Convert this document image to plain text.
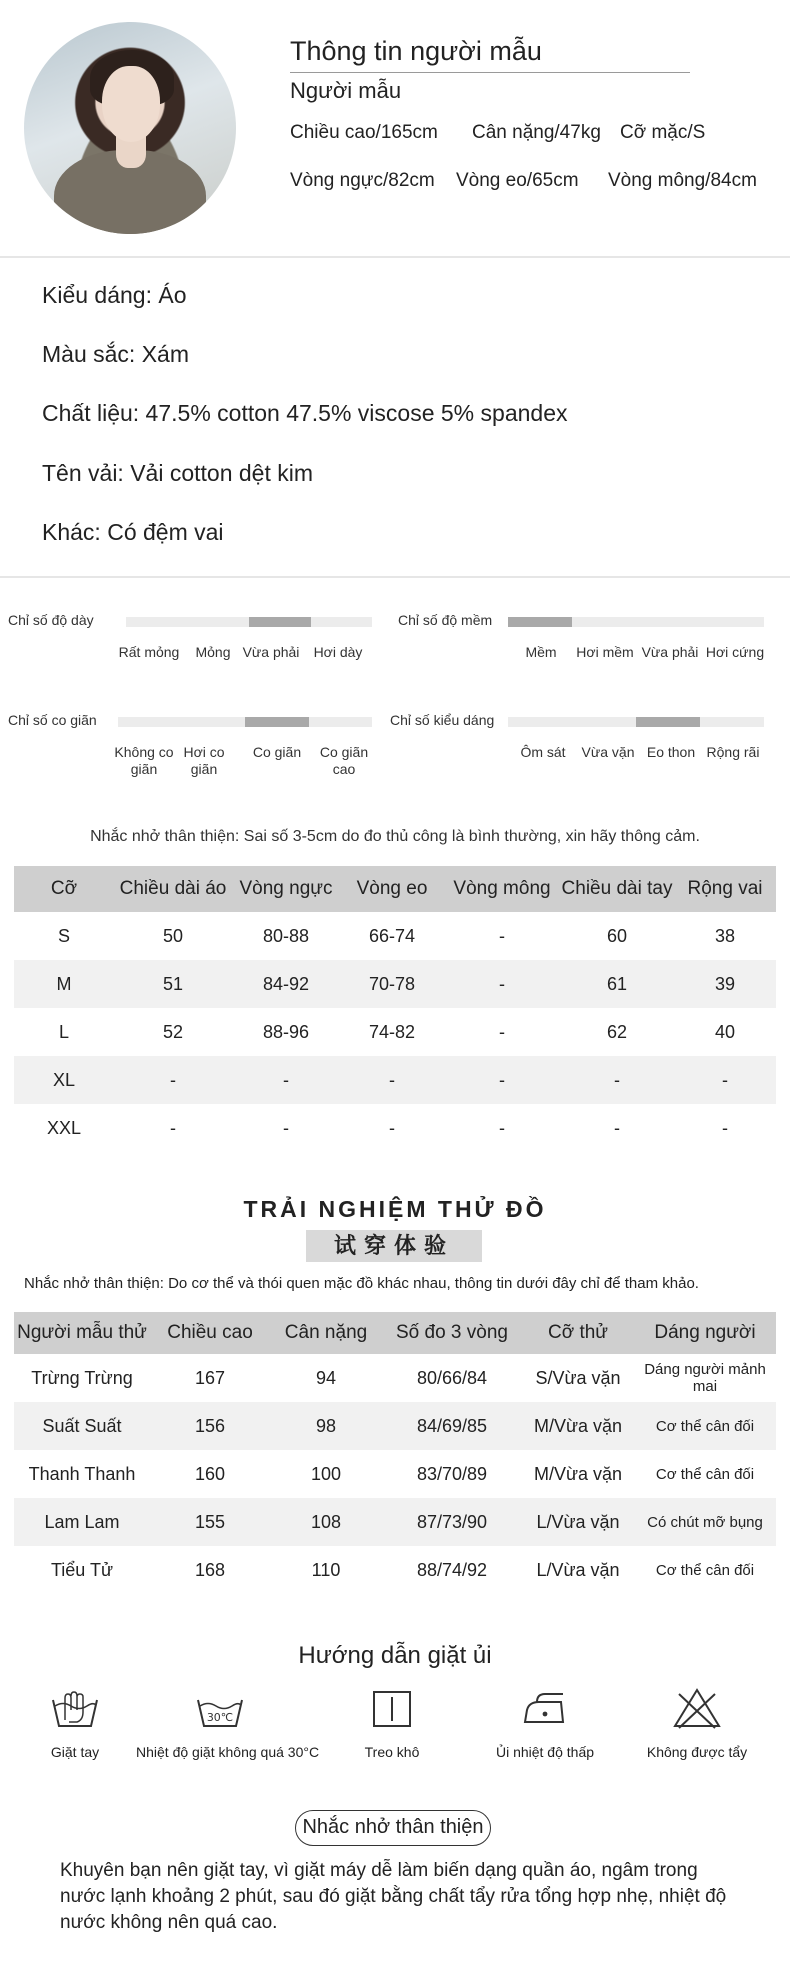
Thông tin người mẫu
Người mẫu
Chiều cao/165cm Cân nặng/47kg Cỡ mặc/S
Vòng ngực/82cm Vòng eo/65cm Vòng mông/84cm
Kiểu dáng: Áo
Màu sắc: Xám
Chất liệu: 47.5% cotton 47.5% viscose 5% spandex
Tên vải: Vải cotton dệt kim
Khác: Có đệm vai
Chỉ số độ dày
Rất mỏng	Mỏng Vừa phải	Hơi dày
Chỉ số độ mềm
Mềm	Hơi mềm Vừa phải Hơi cứng
Chỉ số co giãn
Không co giãn
Hơi co giãn
Co giãn	Co giãn cao
Chỉ số kiểu dáng
Ôm sát	Vừa vặn Eo thon Rộng rãi
Nhắc nhở thân thiện: Sai số 3-5cm do đo thủ công là bình thường, xin hãy thông cảm.
Cỡ	Chiều dài áo	Vòng ngực	Vòng eo	Vòng mông	Chiều dài tay	Rộng vai
S	50	80-88	66-74	-	60	38
M	51	84-92	70-78	-	61	39
L	52	88-96	74-82	-	62	40
XL	-	-	-	-	-	-
XXL	-	-	-	-	-	-
TRẢI NGHIỆM THỬ ĐỒ
试穿体验
Nhắc nhở thân thiện: Do cơ thể và thói quen mặc đồ khác nhau, thông tin dưới đây chỉ để tham khảo.
Người mẫu thử	Chiều cao	Cân nặng	Số đo 3 vòng	Cỡ thử	Dáng người
Trừng Trừng	167	94	80/66/84	S/Vừa vặn	Dáng người mảnh mai
Suất Suất	156	98	84/69/85	M/Vừa vặn	Cơ thể cân đối
Thanh Thanh	160	100	83/70/89	M/Vừa vặn	Cơ thể cân đối
Lam Lam	155	108	87/73/90	L/Vừa vặn	Có chút mỡ bụng
Tiểu Tử	168	110	88/74/92	L/Vừa vặn	Cơ thể cân đối
Hướng dẫn giặt ủi
Giặt tay
30℃
Nhiệt độ giặt không quá 30°C	Treo khô	Ủi nhiệt độ thấp	Không được tẩy
Nhắc nhở thân thiện
Khuyên bạn nên giặt tay, vì giặt máy dễ làm biến dạng quần áo, ngâm trong nước lạnh khoảng 2 phút, sau đó giặt bằng chất tẩy rửa tổng hợp nhẹ, nhiệt độ nước không nên quá cao.
